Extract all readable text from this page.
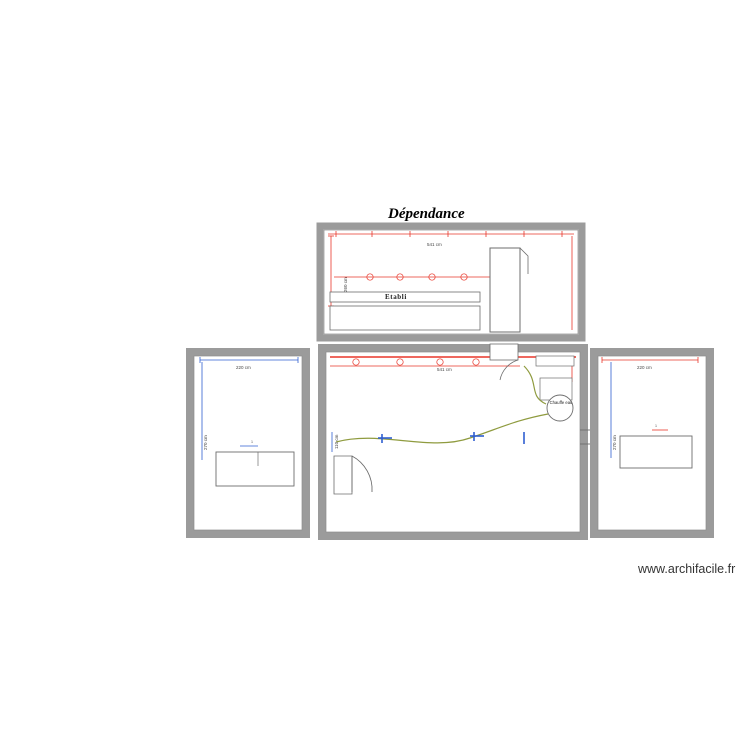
Dépendance
541 cm
260 cm
Etabli
541 cm
220 cm
270 cm
220 cm
270 cm
110 cm
Chauffe eau
1
1
www.archifacile.fr
